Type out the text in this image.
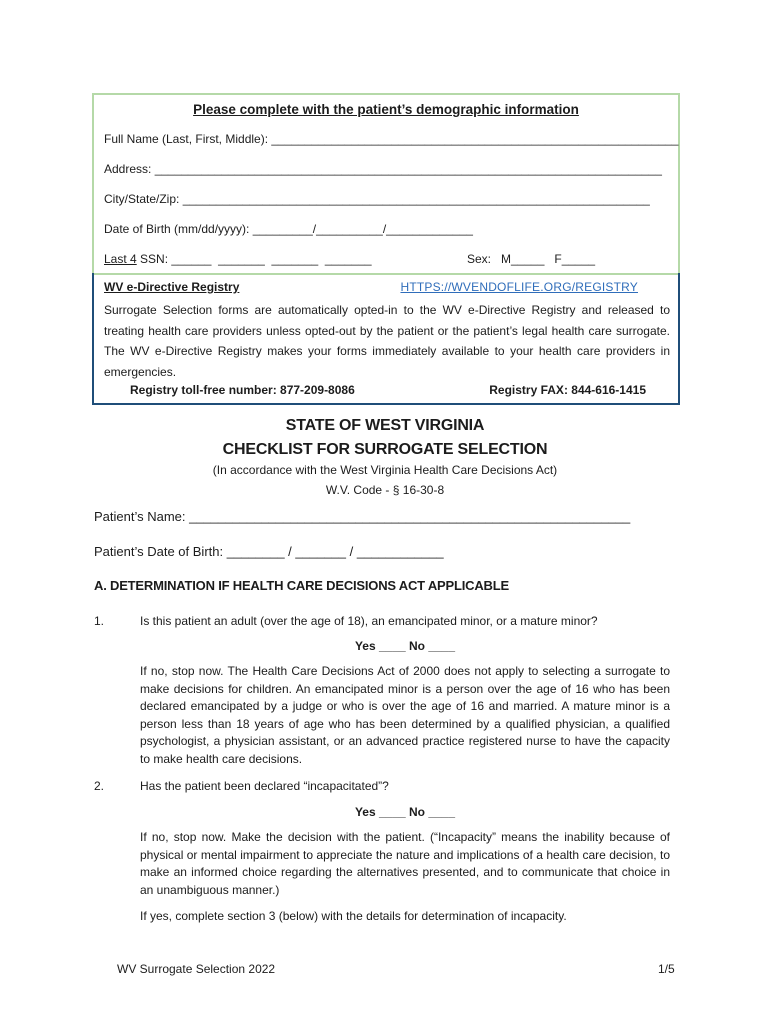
Please complete with the patient’s demographic information
Full Name (Last, First, Middle): _____________________________________________________________
Address: ____________________________________________________________________________
City/State/Zip: ______________________________________________________________________
Date of Birth (mm/dd/yyyy): _________/__________/_____________
Last 4 SSN: ______  _______  _______  _______	Sex:   M_____   F_____
WV e-Directive Registry	HTTPS://WVENDOFLIFE.ORG/REGISTRY
Surrogate Selection forms are automatically opted-in to the WV e-Directive Registry and released to treating health care providers unless opted-out by the patient or the patient’s legal health care surrogate. The WV e-Directive Registry makes your forms immediately available to your health care providers in emergencies.
Registry toll-free number: 877-209-8086	Registry FAX: 844-616-1415
STATE OF WEST VIRGINIA
CHECKLIST FOR SURROGATE SELECTION
(In accordance with the West Virginia Health Care Decisions Act)
W.V. Code - § 16-30-8
Patient’s Name: _____________________________________________________________
Patient’s Date of Birth: ________ / _______ / ____________
A. DETERMINATION IF HEALTH CARE DECISIONS ACT APPLICABLE
1.	Is this patient an adult (over the age of 18), an emancipated minor, or a mature minor?
Yes ____ No ____
If no, stop now. The Health Care Decisions Act of 2000 does not apply to selecting a surrogate to make decisions for children. An emancipated minor is a person over the age of 16 who has been declared emancipated by a judge or who is over the age of 16 and married. A mature minor is a person less than 18 years of age who has been determined by a qualified physician, a qualified psychologist, a physician assistant, or an advanced practice registered nurse to have the capacity to make health care decisions.
2.	Has the patient been declared “incapacitated”?
Yes ____ No ____
If no, stop now. Make the decision with the patient. (“Incapacity” means the inability because of physical or mental impairment to appreciate the nature and implications of a health care decision, to make an informed choice regarding the alternatives presented, and to communicate that choice in an unambiguous manner.)
If yes, complete section 3 (below) with the details for determination of incapacity.
WV Surrogate Selection 2022	1/5
